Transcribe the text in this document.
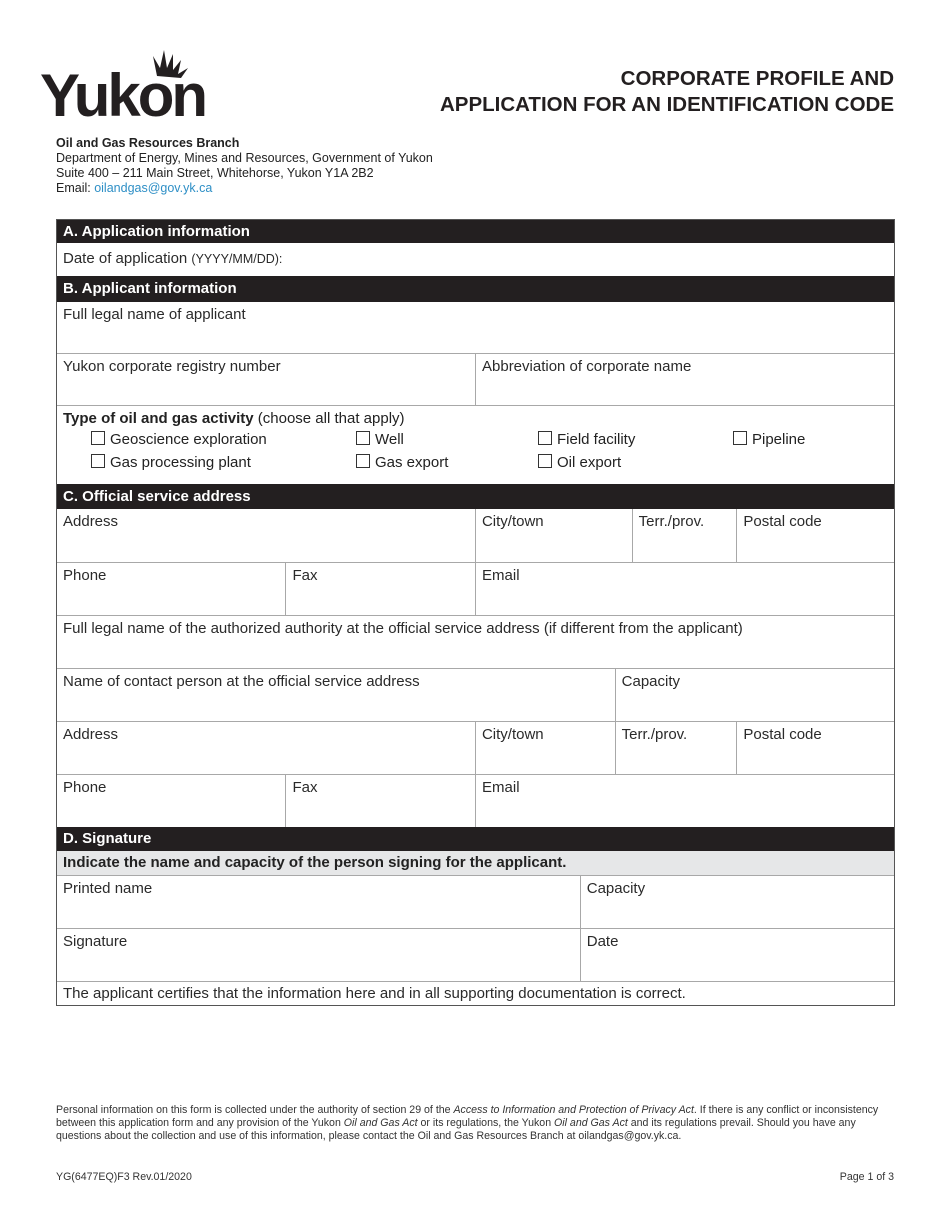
Yukon	CORPORATE PROFILE AND
APPLICATION FOR AN IDENTIFICATION CODE
Oil and Gas Resources Branch
Department of Energy, Mines and Resources, Government of Yukon
Suite 400 – 211 Main Street, Whitehorse, Yukon Y1A 2B2
Email: oilandgas@gov.yk.ca
A. Application information
Date of application (YYYY/MM/DD):
B. Applicant information
Full legal name of applicant
Yukon corporate registry number	Abbreviation of corporate name
Type of oil and gas activity (choose all that apply)
Geoscience exploration	Well	Field facility	Pipeline
Gas processing plant	Gas export	Oil export
C. Official service address
Address	City/town	Terr./prov.	Postal code
Phone	Fax	Email
Full legal name of the authorized authority at the official service address (if different from the applicant)
Name of contact person at the official service address	Capacity
Address	City/town	Terr./prov.	Postal code
Phone	Fax	Email
D. Signature
Indicate the name and capacity of the person signing for the applicant.
Printed name	Capacity
Signature	Date
The applicant certifies that the information here and in all supporting documentation is correct.
Personal information on this form is collected under the authority of section 29 of the Access to Information and Protection of Privacy Act. If there is any conflict or inconsistency between this application form and any provision of the Yukon Oil and Gas Act or its regulations, the Yukon Oil and Gas Act and its regulations prevail. Should you have any questions about the collection and use of this information, please contact the Oil and Gas Resources Branch at oilandgas@gov.yk.ca.
YG(6477EQ)F3 Rev.01/2020	Page 1 of 3
